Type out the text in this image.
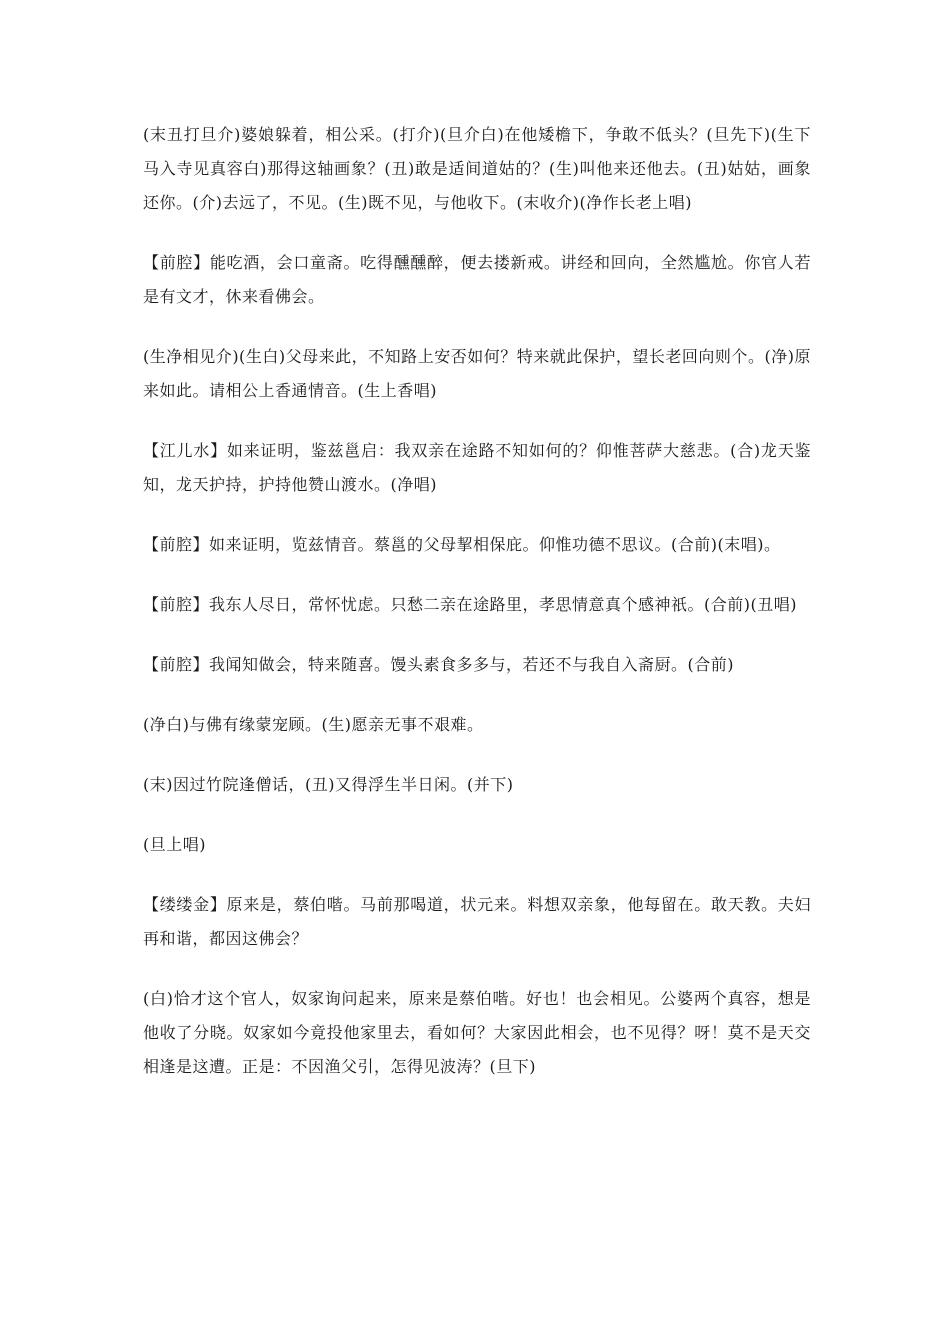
(末丑打旦介)婆娘躲着，相公采。(打介)(旦介白)在他矮檐下，争敢不低头？(旦先下)(生下马入寺见真容白)那得这轴画象？(丑)敢是适间道姑的？(生)叫他来还他去。(丑)姑姑，画象还你。(介)去远了，不见。(生)既不见，与他收下。(末收介)(净作长老上唱)

【前腔】能吃酒，会口童斋。吃得醺醺醉，便去搂新戒。讲经和回向，全然尴尬。你官人若是有文才，休来看佛会。

(生净相见介)(生白)父母来此，不知路上安否如何？特来就此保护，望长老回向则个。(净)原来如此。请相公上香通情音。(生上香唱)

【江儿水】如来证明，鉴兹邕启：我双亲在途路不知如何的？仰惟菩萨大慈悲。(合)龙天鉴知，龙天护持，护持他赞山渡水。(净唱)

【前腔】如来证明，览兹情音。蔡邕的父母挈相保庇。仰惟功德不思议。(合前)(末唱)。

【前腔】我东人尽日，常怀忧虑。只愁二亲在途路里，孝思情意真个感神祇。(合前)(丑唱)

【前腔】我闻知做会，特来随喜。馒头素食多多与，若还不与我自入斋厨。(合前)

(净白)与佛有缘蒙宠顾。(生)愿亲无事不艰难。

(末)因过竹院逢僧话，(丑)又得浮生半日闲。(并下)

(旦上唱)

【缕缕金】原来是，蔡伯喈。马前那喝道，状元来。料想双亲象，他每留在。敢天教。夫妇再和谐，都因这佛会？

(白)恰才这个官人，奴家询问起来，原来是蔡伯喈。好也！也会相见。公婆两个真容，想是他收了分晓。奴家如今竟投他家里去，看如何？大家因此相会，也不见得？呀！莫不是天交相逢是这遭。正是：不因渔父引，怎得见波涛？(旦下)
